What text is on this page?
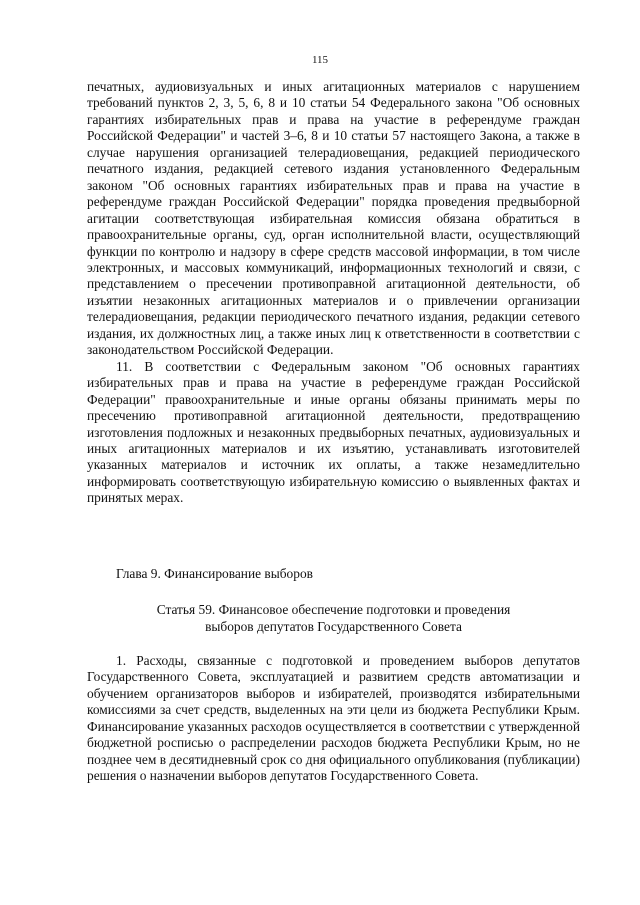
115

печатных, аудиовизуальных и иных агитационных материалов с нарушением требований пунктов 2, 3, 5, 6, 8 и 10 статьи 54 Федерального закона "Об основных гарантиях избирательных прав и права на участие в референдуме граждан Российской Федерации" и частей 3–6, 8 и 10 статьи 57 настоящего Закона, а также в случае нарушения организацией телерадиовещания, редакцией периодического печатного издания, редакцией сетевого издания установленного Федеральным законом "Об основных гарантиях избирательных прав и права на участие в референдуме граждан Российской Федерации" порядка проведения предвыборной агитации соответствующая избирательная комиссия обязана обратиться в правоохранительные органы, суд, орган исполнительной власти, осуществляющий функции по контролю и надзору в сфере средств массовой информации, в том числе электронных, и массовых коммуникаций, информационных технологий и связи, с представлением о пресечении противоправной агитационной деятельности, об изъятии незаконных агитационных материалов и о привлечении организации телерадиовещания, редакции периодического печатного издания, редакции сетевого издания, их должностных лиц, а также иных лиц к ответственности в соответствии с законодательством Российской Федерации.

11. В соответствии с Федеральным законом "Об основных гарантиях избирательных прав и права на участие в референдуме граждан Российской Федерации" правоохранительные и иные органы обязаны принимать меры по пресечению противоправной агитационной деятельности, предотвращению изготовления подложных и незаконных предвыборных печатных, аудиовизуальных и иных агитационных материалов и их изъятию, устанавливать изготовителей указанных материалов и источник их оплаты, а также незамедлительно информировать соответствующую избирательную комиссию о выявленных фактах и принятых мерах.

Глава 9. Финансирование выборов

Статья 59. Финансовое обеспечение подготовки и проведения

выборов депутатов Государственного Совета

1. Расходы, связанные с подготовкой и проведением выборов депутатов Государственного Совета, эксплуатацией и развитием средств автоматизации и обучением организаторов выборов и избирателей, производятся избирательными комиссиями за счет средств, выделенных на эти цели из бюджета Республики Крым. Финансирование указанных расходов осуществляется в соответствии с утвержденной бюджетной росписью о распределении расходов бюджета Республики Крым, но не позднее чем в десятидневный срок со дня официального опубликования (публикации) решения о назначении выборов депутатов Государственного Совета.
